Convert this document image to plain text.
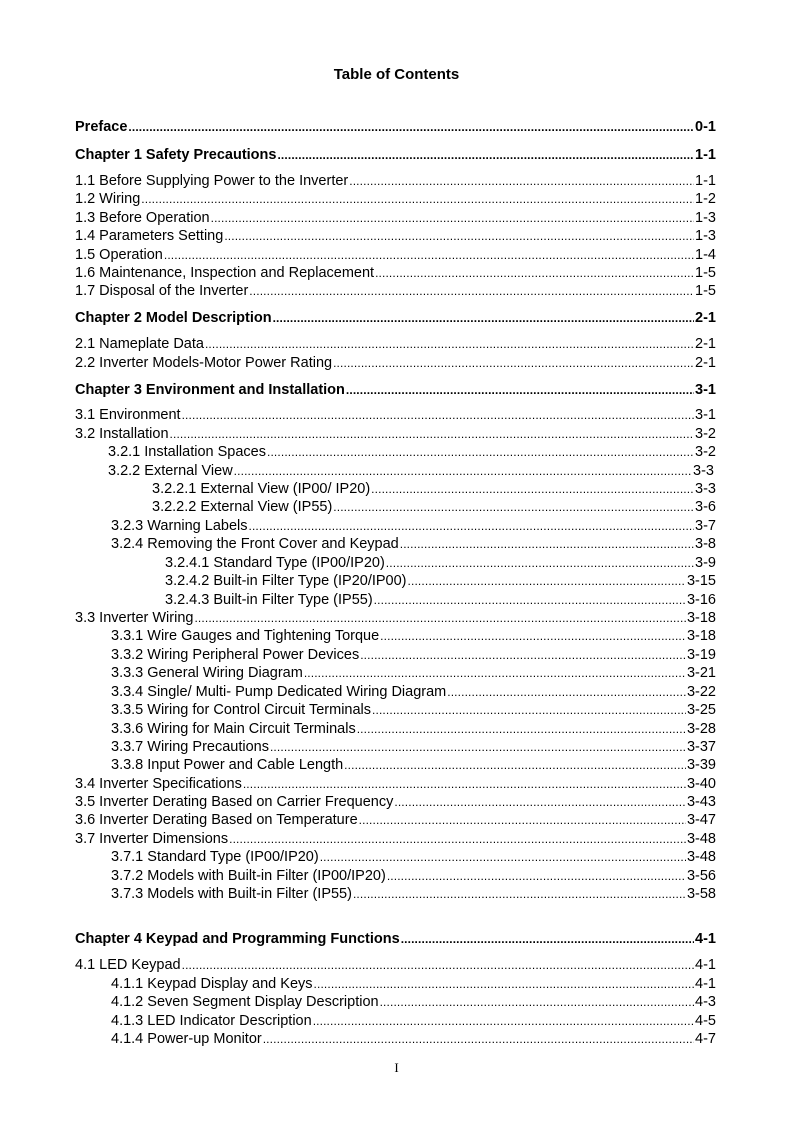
Table of Contents
Preface . . .	0-1
Chapter 1 Safety Precautions . . .	1-1
1.1 Before Supplying Power to the Inverter . . .	1-1
1.2 Wiring . . .	1-2
1.3 Before Operation . . .	1-3
1.4 Parameters Setting . . .	1-3
1.5 Operation . . .	1-4
1.6 Maintenance, Inspection and Replacement . . .	1-5
1.7 Disposal of the Inverter . . .	1-5
Chapter 2 Model Description . . .	2-1
2.1 Nameplate Data . . .	2-1
2.2 Inverter Models-Motor Power Rating . . .	2-1
Chapter 3 Environment and Installation . . .	3-1
3.1 Environment . . .	3-1
3.2 Installation . . .	3-2
3.2.1 Installation Spaces . . .	3-2
3.2.2 External View . . .	3-3
3.2.2.1 External View (IP00/ IP20) . . .	3-3
3.2.2.2 External View (IP55) . . .	3-6
3.2.3 Warning Labels . . .	3-7
3.2.4 Removing the Front Cover and Keypad . . .	3-8
3.2.4.1 Standard Type (IP00/IP20) . . .	3-9
3.2.4.2 Built-in Filter Type (IP20/IP00) . . .	3-15
3.2.4.3 Built-in Filter Type (IP55) . . .	3-16
3.3 Inverter Wiring . . .	3-18
3.3.1 Wire Gauges and Tightening Torque . . .	3-18
3.3.2 Wiring Peripheral Power Devices . . .	3-19
3.3.3 General Wiring Diagram . . .	3-21
3.3.4 Single/ Multi- Pump Dedicated Wiring Diagram . . .	3-22
3.3.5 Wiring for Control Circuit Terminals . . .	3-25
3.3.6 Wiring for Main Circuit Terminals . . .	3-28
3.3.7 Wiring Precautions . . .	3-37
3.3.8 Input Power and Cable Length . . .	3-39
3.4 Inverter Specifications . . .	3-40
3.5 Inverter Derating Based on Carrier Frequency . . .	3-43
3.6 Inverter Derating Based on Temperature . . .	3-47
3.7 Inverter Dimensions . . .	3-48
3.7.1 Standard Type (IP00/IP20) . . .	3-48
3.7.2 Models with Built-in Filter (IP00/IP20) . . .	3-56
3.7.3 Models with Built-in Filter (IP55) . . .	3-58
Chapter 4 Keypad and Programming Functions . . .	4-1
4.1 LED Keypad . . .	4-1
4.1.1 Keypad Display and Keys . . .	4-1
4.1.2 Seven Segment Display Description . . .	4-3
4.1.3 LED Indicator Description . . .	4-5
4.1.4 Power-up Monitor . . .	4-7
I
